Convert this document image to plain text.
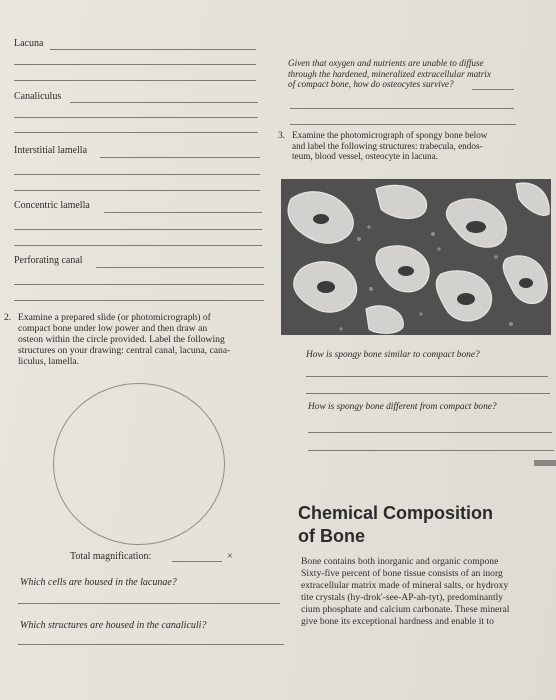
Lacuna
Canaliculus
Interstitial lamella
Concentric lamella
Perforating canal
2. Examine a prepared slide (or photomicrograph) of
compact bone under low power and then draw an
osteon within the circle provided. Label the following
structures on your drawing: central canal, lacuna, cana-
liculus, lamella.
Total magnification:	×
Which cells are housed in the lacunae?
Which structures are housed in the canaliculi?
Given that oxygen and nutrients are unable to diffuse
through the hardened, mineralized extracellular matrix
of compact bone, how do osteocytes survive?
3. Examine the photomicrograph of spongy bone below
and label the following structures: trabecula, endos-
teum, blood vessel, osteocyte in lacuna.
How is spongy bone similar to compact bone?
How is spongy bone different from compact bone?
Chemical Composition
of Bone
Bone contains both inorganic and organic compone
Sixty-five percent of bone tissue consists of an inorg
extracellular matrix made of mineral salts, or hydroxy
tite crystals (hy-drok'-see-AP-ah-tyt), predominantly
cium phosphate and calcium carbonate. These mineral
give bone its exceptional hardness and enable it to
